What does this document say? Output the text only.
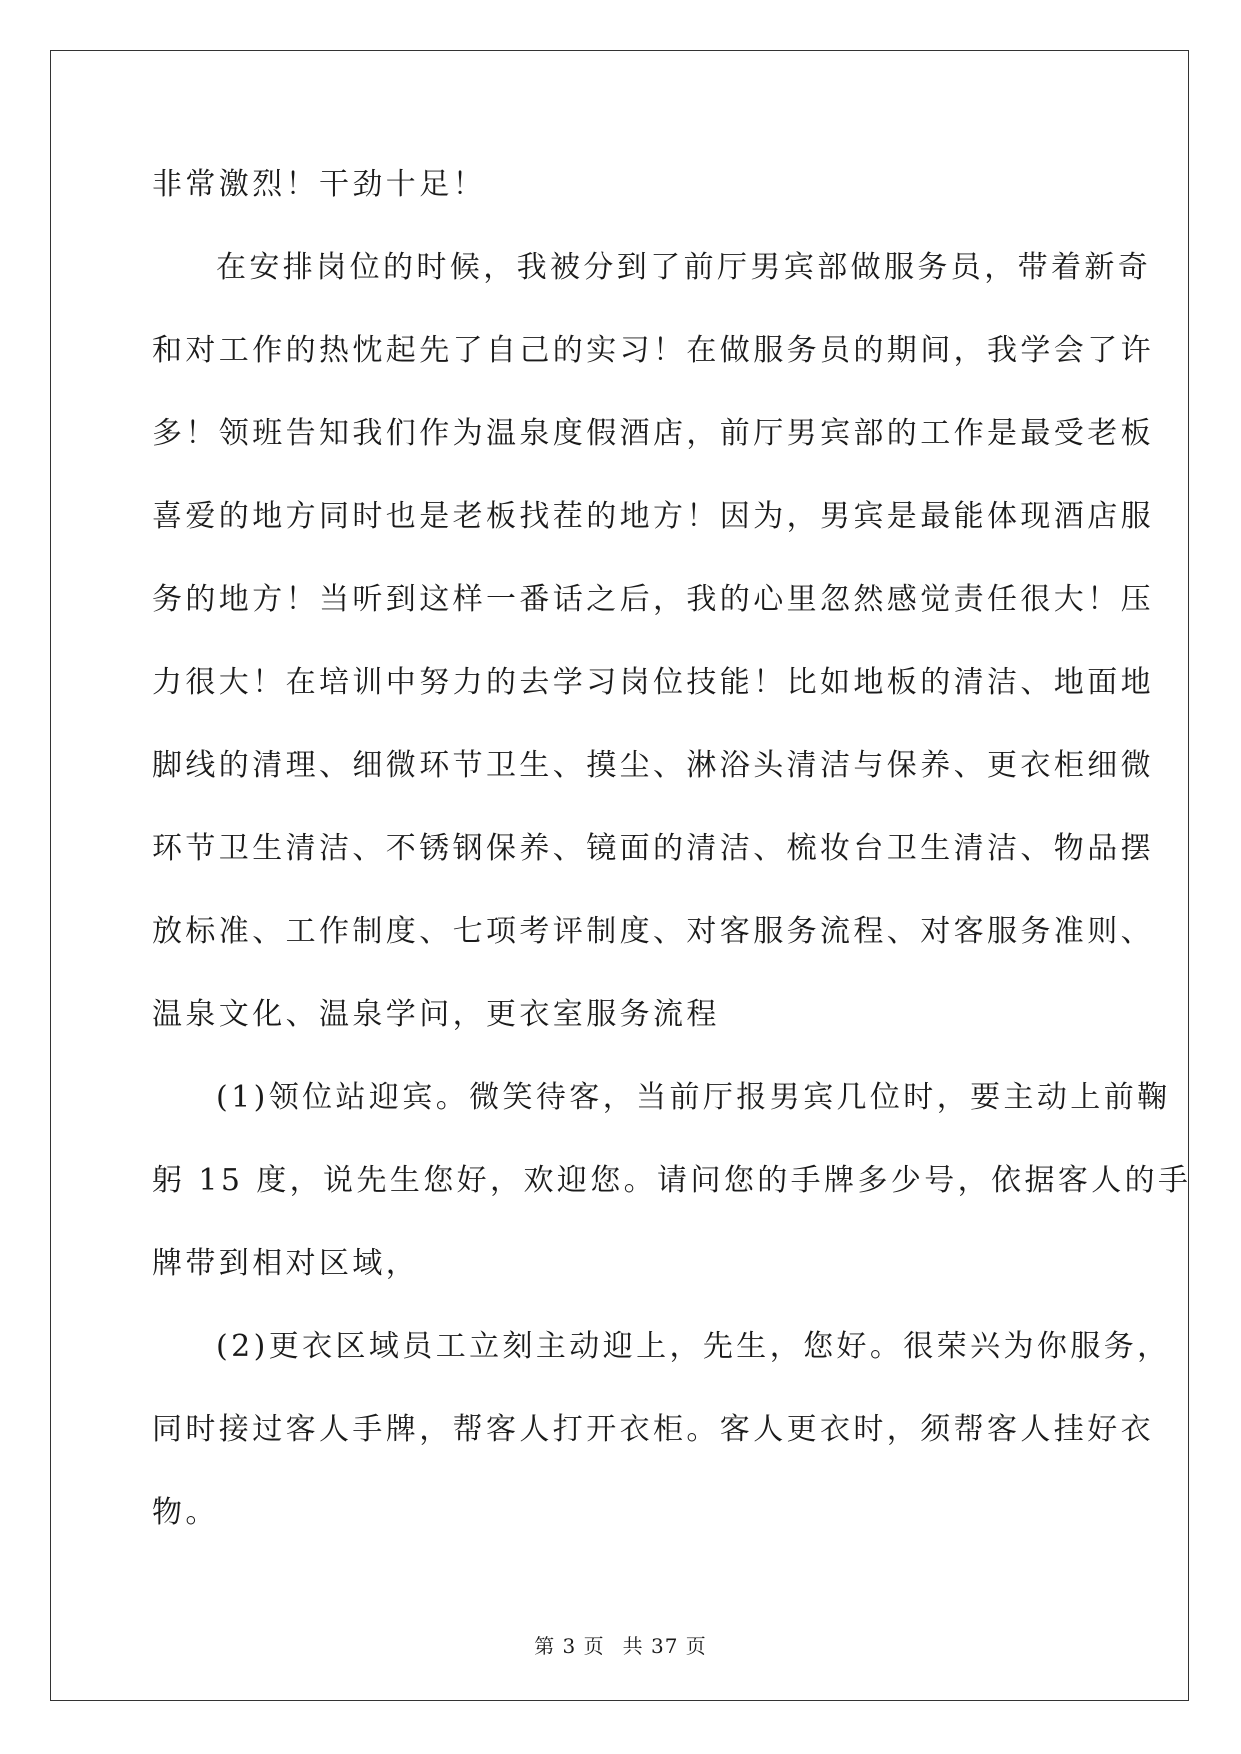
非常激烈！干劲十足！
在安排岗位的时候，我被分到了前厅男宾部做服务员，带着新奇
和对工作的热忱起先了自己的实习！在做服务员的期间，我学会了许
多！领班告知我们作为温泉度假酒店，前厅男宾部的工作是最受老板
喜爱的地方同时也是老板找茬的地方！因为，男宾是最能体现酒店服
务的地方！当听到这样一番话之后，我的心里忽然感觉责任很大！压
力很大！在培训中努力的去学习岗位技能！比如地板的清洁、地面地
脚线的清理、细微环节卫生、摸尘、淋浴头清洁与保养、更衣柜细微
环节卫生清洁、不锈钢保养、镜面的清洁、梳妆台卫生清洁、物品摆
放标准、工作制度、七项考评制度、对客服务流程、对客服务准则、
温泉文化、温泉学问，更衣室服务流程
(1)领位站迎宾。微笑待客，当前厅报男宾几位时，要主动上前鞠
躬 15 度，说先生您好，欢迎您。请问您的手牌多少号，依据客人的手
牌带到相对区域，
(2)更衣区域员工立刻主动迎上，先生，您好。很荣兴为你服务，
同时接过客人手牌，帮客人打开衣柜。客人更衣时，须帮客人挂好衣
物。
第 3 页 共 37 页
